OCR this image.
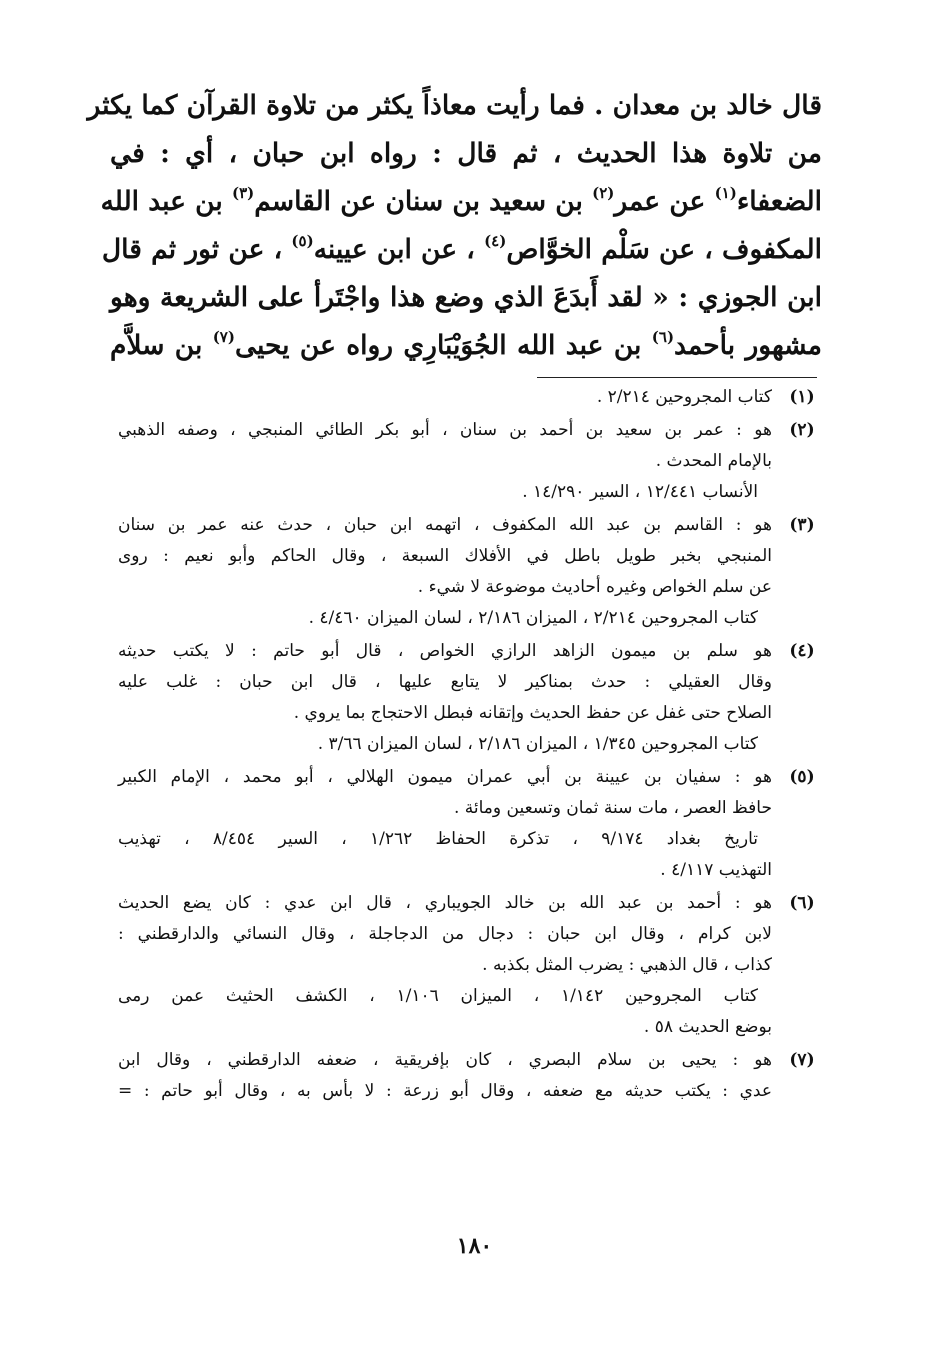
قال خالد بن معدان . فما رأيت معاذاً يكثر من تلاوة القرآن كما يكثر
من تلاوة هذا الحديث ، ثم قال : رواه ابن حبان ، أي : في
الضعفاء$^{(١)}$ عن عمر$^{(٢)}$ بن سعيد بن سنان عن القاسم$^{(٣)}$ بن عبد الله
المكفوف ، عن سَلْم الخوَّاص$^{(٤)}$ ، عن ابن عيينه$^{(٥)}$ ، عن ثور ثم قال
ابن الجوزي : « لقد أَبدَعَ الذي وضع هذا واجْتَرأ على الشريعة وهو
مشهور بأحمد$^{(٦)}$ بن عبد الله الجُوَيْبَارِي رواه عن يحيى$^{(٧)}$ بن سلاَّم
(١)
كتاب المجروحين ٢/٢١٤ .
(٢)
هو : عمر بن سعيد بن أحمد بن سنان ، أبو بكر الطائي المنبجي ، وصفه الذهبي
بالإمام المحدث .
الأنساب ١٢/٤٤١ ، السير ١٤/٢٩٠ .
(٣)
هو : القاسم بن عبد الله المكفوف ، اتهمه ابن حبان ، حدث عنه عمر بن سنان
المنبجي بخبر طويل باطل في الأفلاك السبعة ، وقال الحاكم وأبو نعيم : روى
عن سلم الخواص وغيره أحاديث موضوعة لا شيء .
كتاب المجروحين ٢/٢١٤ ، الميزان ٢/١٨٦ ، لسان الميزان ٤/٤٦٠ .
(٤)
هو سلم بن ميمون الزاهد الرازي الخواص ، قال أبو حاتم : لا يكتب حديثه
وقال العقيلي : حدث بمناكير لا يتابع عليها ، قال ابن حبان : غلب عليه
الصلاح حتى غفل عن حفظ الحديث وإتقانه فبطل الاحتجاج بما يروي .
كتاب المجروحين ١/٣٤٥ ، الميزان ٢/١٨٦ ، لسان الميزان ٣/٦٦ .
(٥)
هو : سفيان بن عيينة بن أبي عمران ميمون الهلالي ، أبو محمد ، الإمام الكبير
حافظ العصر ، مات سنة ثمان وتسعين ومائة .
تاريخ بغداد ٩/١٧٤ ، تذكرة الحفاظ ١/٢٦٢ ، السير ٨/٤٥٤ ، تهذيب
التهذيب ٤/١١٧ .
(٦)
هو : أحمد بن عبد الله بن خالد الجويباري ، قال ابن عدي : كان يضع الحديث
لابن كرام ، وقال ابن حبان : دجال من الدجاجلة ، وقال النسائي والدارقطني :
كذاب ، قال الذهبي : يضرب المثل بكذبه .
كتاب المجروحين ١/١٤٢ ، الميزان ١/١٠٦ ، الكشف الحثيث عمن رمى
بوضع الحديث ٥٨ .
(٧)
هو : يحيى بن سلام البصري ، كان بإفريقية ، ضعفه الدارقطني ، وقال ابن
عدي : يكتب حديثه مع ضعفه ، وقال أبو زرعة : لا بأس به ، وقال أبو حاتم : =
١٨٠
